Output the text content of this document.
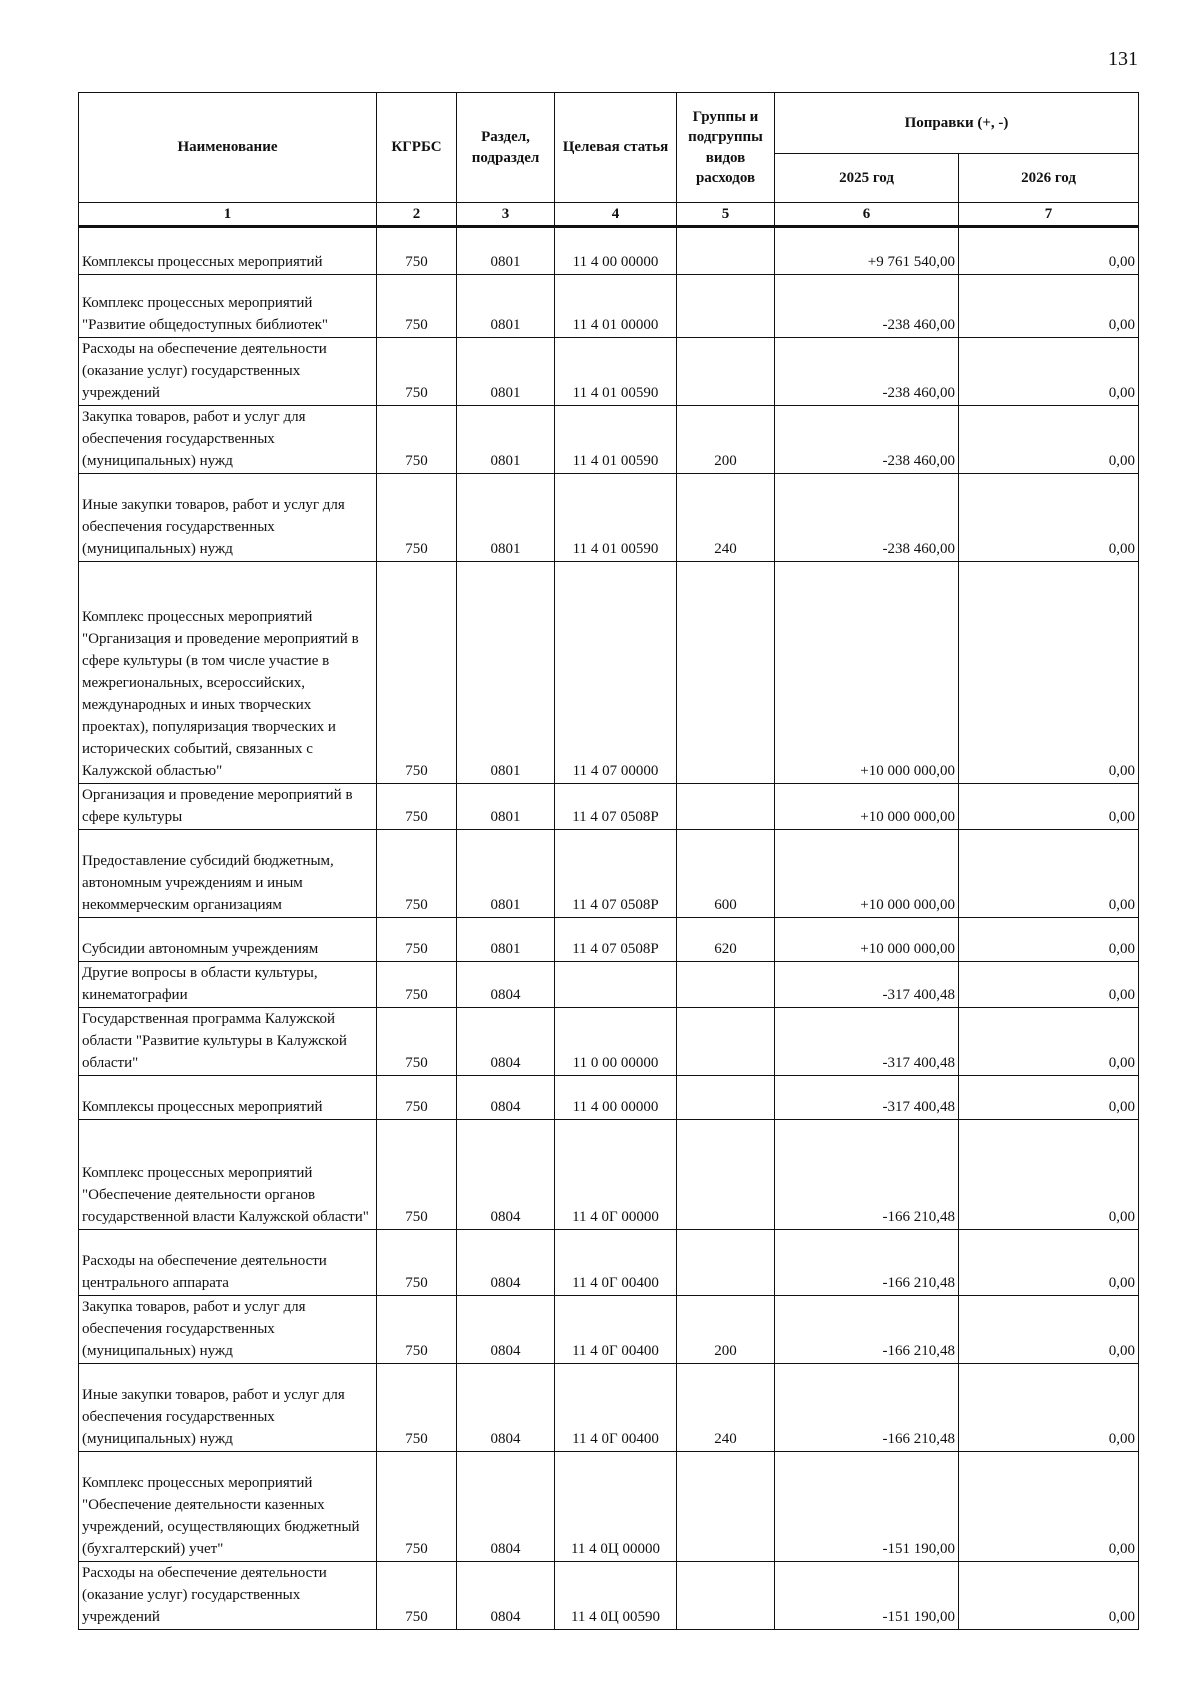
131
Наименование	КГРБС	Раздел, подраздел	Целевая статья	Группы и подгруппы видов расходов	Поправки (+, -)	
					2025 год	2026 год
1	2	3	4	5	6	7
Комплексы процессных мероприятий	750	0801	11 4 00 00000		+9 761 540,00	0,00
Комплекс процессных мероприятий "Развитие общедоступных библиотек"	750	0801	11 4 01 00000		-238 460,00	0,00
Расходы на обеспечение деятельности (оказание услуг) государственных учреждений	750	0801	11 4 01 00590		-238 460,00	0,00
Закупка товаров, работ и услуг для обеспечения государственных (муниципальных) нужд	750	0801	11 4 01 00590	200	-238 460,00	0,00
Иные закупки товаров, работ и услуг для обеспечения государственных (муниципальных) нужд	750	0801	11 4 01 00590	240	-238 460,00	0,00
Комплекс процессных мероприятий "Организация и проведение мероприятий в сфере культуры (в том числе участие в межрегиональных, всероссийских, международных и иных творческих проектах), популяризация творческих и исторических событий, связанных с Калужской областью"	750	0801	11 4 07 00000		+10 000 000,00	0,00
Организация и проведение мероприятий в сфере культуры	750	0801	11 4 07 0508Р		+10 000 000,00	0,00
Предоставление субсидий бюджетным, автономным учреждениям и иным некоммерческим организациям	750	0801	11 4 07 0508Р	600	+10 000 000,00	0,00
Субсидии автономным учреждениям	750	0801	11 4 07 0508Р	620	+10 000 000,00	0,00
Другие вопросы в области культуры, кинематографии	750	0804			-317 400,48	0,00
Государственная программа Калужской области "Развитие культуры в Калужской области"	750	0804	11 0 00 00000		-317 400,48	0,00
Комплексы процессных мероприятий	750	0804	11 4 00 00000		-317 400,48	0,00
Комплекс процессных мероприятий "Обеспечение деятельности органов государственной власти Калужской области"	750	0804	11 4 0Г 00000		-166 210,48	0,00
Расходы на обеспечение деятельности центрального аппарата	750	0804	11 4 0Г 00400		-166 210,48	0,00
Закупка товаров, работ и услуг для обеспечения государственных (муниципальных) нужд	750	0804	11 4 0Г 00400	200	-166 210,48	0,00
Иные закупки товаров, работ и услуг для обеспечения государственных (муниципальных) нужд	750	0804	11 4 0Г 00400	240	-166 210,48	0,00
Комплекс процессных мероприятий "Обеспечение деятельности казенных учреждений, осуществляющих бюджетный (бухгалтерский) учет"	750	0804	11 4 0Ц 00000		-151 190,00	0,00
Расходы на обеспечение деятельности (оказание услуг) государственных учреждений	750	0804	11 4 0Ц 00590		-151 190,00	0,00
